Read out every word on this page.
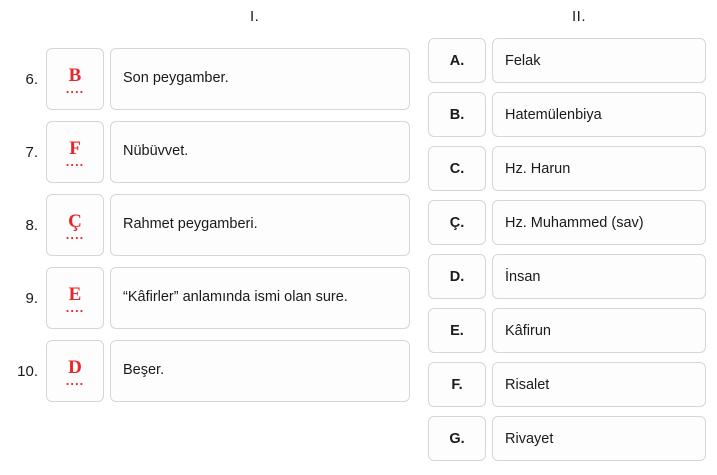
I.	II.
6.	B
....
Son peygamber.
7.	F
....
Nübüvvet.
8.	Ç
....
Rahmet peygamberi.
9.	E
....
“Kâfirler” anlamında ismi olan sure.
10.	D
....
Beşer.
A.	Felak
B.	Hatemülenbiya
C.	Hz. Harun
Ç.	Hz. Muhammed (sav)
D.	İnsan
E.	Kâfirun
F.	Risalet
G.	Rivayet
